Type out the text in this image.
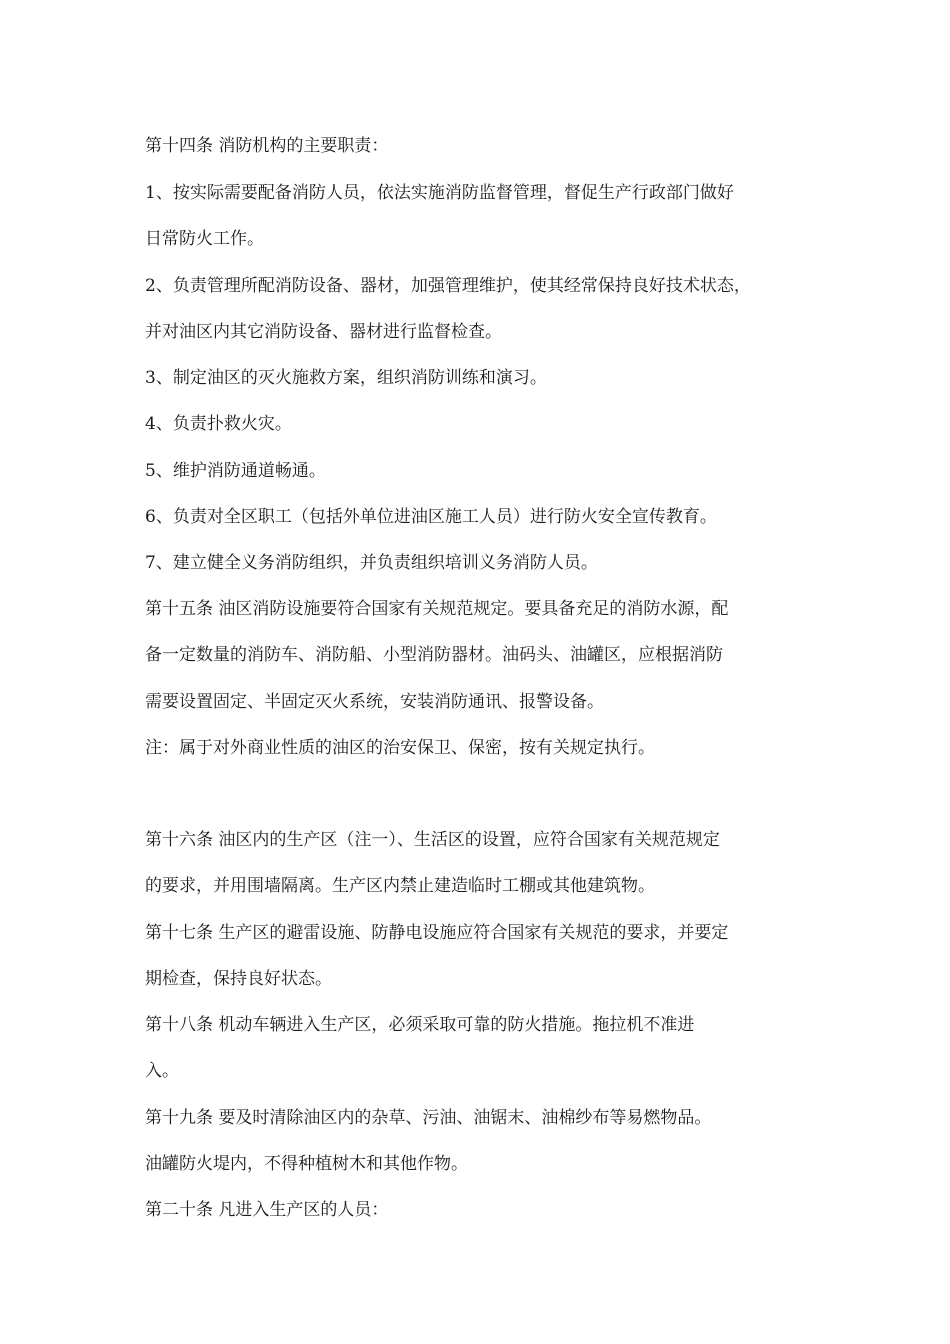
第十四条 消防机构的主要职责：
1、按实际需要配备消防人员，依法实施消防监督管理，督促生产行政部门做好
日常防火工作。
2、负责管理所配消防设备、器材，加强管理维护，使其经常保持良好技术状态，
并对油区内其它消防设备、器材进行监督检查。
3、制定油区的灭火施救方案，组织消防训练和演习。
4、负责扑救火灾。
5、维护消防通道畅通。
6、负责对全区职工（包括外单位进油区施工人员）进行防火安全宣传教育。
7、建立健全义务消防组织，并负责组织培训义务消防人员。
第十五条 油区消防设施要符合国家有关规范规定。要具备充足的消防水源，配
备一定数量的消防车、消防船、小型消防器材。油码头、油罐区，应根据消防
需要设置固定、半固定灭火系统，安装消防通讯、报警设备。
注：属于对外商业性质的油区的治安保卫、保密，按有关规定执行。
第十六条 油区内的生产区（注一）、生活区的设置，应符合国家有关规范规定
的要求，并用围墙隔离。生产区内禁止建造临时工棚或其他建筑物。
第十七条 生产区的避雷设施、防静电设施应符合国家有关规范的要求，并要定
期检查，保持良好状态。
第十八条 机动车辆进入生产区，必须采取可靠的防火措施。拖拉机不准进
入。
第十九条 要及时清除油区内的杂草、污油、油锯末、油棉纱布等易燃物品。
油罐防火堤内，不得种植树木和其他作物。
第二十条 凡进入生产区的人员：
